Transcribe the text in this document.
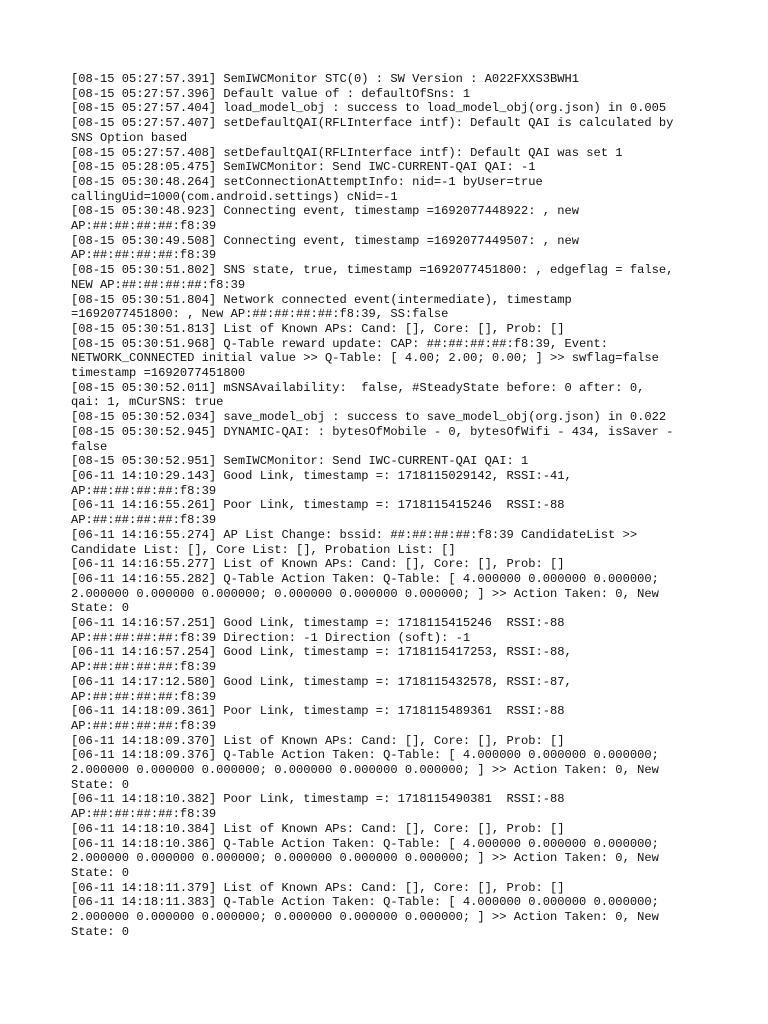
[08-15 05:27:57.391] SemIWCMonitor STC(0) : SW Version : A022FXXS3BWH1
[08-15 05:27:57.396] Default value of : defaultOfSns: 1
[08-15 05:27:57.404] load_model_obj : success to load_model_obj(org.json) in 0.005
[08-15 05:27:57.407] setDefaultQAI(RFLInterface intf): Default QAI is calculated by
SNS Option based
[08-15 05:27:57.408] setDefaultQAI(RFLInterface intf): Default QAI was set 1
[08-15 05:28:05.475] SemIWCMonitor: Send IWC-CURRENT-QAI QAI: -1
[08-15 05:30:48.264] setConnectionAttemptInfo: nid=-1 byUser=true
callingUid=1000(com.android.settings) cNid=-1
[08-15 05:30:48.923] Connecting event, timestamp =1692077448922: , new
AP:##:##:##:##:f8:39
[08-15 05:30:49.508] Connecting event, timestamp =1692077449507: , new
AP:##:##:##:##:f8:39
[08-15 05:30:51.802] SNS state, true, timestamp =1692077451800: , edgeflag = false,
NEW AP:##:##:##:##:f8:39
[08-15 05:30:51.804] Network connected event(intermediate), timestamp
=1692077451800: , New AP:##:##:##:##:f8:39, SS:false
[08-15 05:30:51.813] List of Known APs: Cand: [], Core: [], Prob: []
[08-15 05:30:51.968] Q-Table reward update: CAP: ##:##:##:##:f8:39, Event:
NETWORK_CONNECTED initial value >> Q-Table: [ 4.00; 2.00; 0.00; ] >> swflag=false
timestamp =1692077451800
[08-15 05:30:52.011] mSNSAvailability:  false, #SteadyState before: 0 after: 0,
qai: 1, mCurSNS: true
[08-15 05:30:52.034] save_model_obj : success to save_model_obj(org.json) in 0.022
[08-15 05:30:52.945] DYNAMIC-QAI: : bytesOfMobile - 0, bytesOfWifi - 434, isSaver -
false
[08-15 05:30:52.951] SemIWCMonitor: Send IWC-CURRENT-QAI QAI: 1
[06-11 14:10:29.143] Good Link, timestamp =: 1718115029142, RSSI:-41,
AP:##:##:##:##:f8:39
[06-11 14:16:55.261] Poor Link, timestamp =: 1718115415246  RSSI:-88
AP:##:##:##:##:f8:39
[06-11 14:16:55.274] AP List Change: bssid: ##:##:##:##:f8:39 CandidateList >>
Candidate List: [], Core List: [], Probation List: []
[06-11 14:16:55.277] List of Known APs: Cand: [], Core: [], Prob: []
[06-11 14:16:55.282] Q-Table Action Taken: Q-Table: [ 4.000000 0.000000 0.000000;
2.000000 0.000000 0.000000; 0.000000 0.000000 0.000000; ] >> Action Taken: 0, New
State: 0
[06-11 14:16:57.251] Good Link, timestamp =: 1718115415246  RSSI:-88
AP:##:##:##:##:f8:39 Direction: -1 Direction (soft): -1
[06-11 14:16:57.254] Good Link, timestamp =: 1718115417253, RSSI:-88,
AP:##:##:##:##:f8:39
[06-11 14:17:12.580] Good Link, timestamp =: 1718115432578, RSSI:-87,
AP:##:##:##:##:f8:39
[06-11 14:18:09.361] Poor Link, timestamp =: 1718115489361  RSSI:-88
AP:##:##:##:##:f8:39
[06-11 14:18:09.370] List of Known APs: Cand: [], Core: [], Prob: []
[06-11 14:18:09.376] Q-Table Action Taken: Q-Table: [ 4.000000 0.000000 0.000000;
2.000000 0.000000 0.000000; 0.000000 0.000000 0.000000; ] >> Action Taken: 0, New
State: 0
[06-11 14:18:10.382] Poor Link, timestamp =: 1718115490381  RSSI:-88
AP:##:##:##:##:f8:39
[06-11 14:18:10.384] List of Known APs: Cand: [], Core: [], Prob: []
[06-11 14:18:10.386] Q-Table Action Taken: Q-Table: [ 4.000000 0.000000 0.000000;
2.000000 0.000000 0.000000; 0.000000 0.000000 0.000000; ] >> Action Taken: 0, New
State: 0
[06-11 14:18:11.379] List of Known APs: Cand: [], Core: [], Prob: []
[06-11 14:18:11.383] Q-Table Action Taken: Q-Table: [ 4.000000 0.000000 0.000000;
2.000000 0.000000 0.000000; 0.000000 0.000000 0.000000; ] >> Action Taken: 0, New
State: 0
